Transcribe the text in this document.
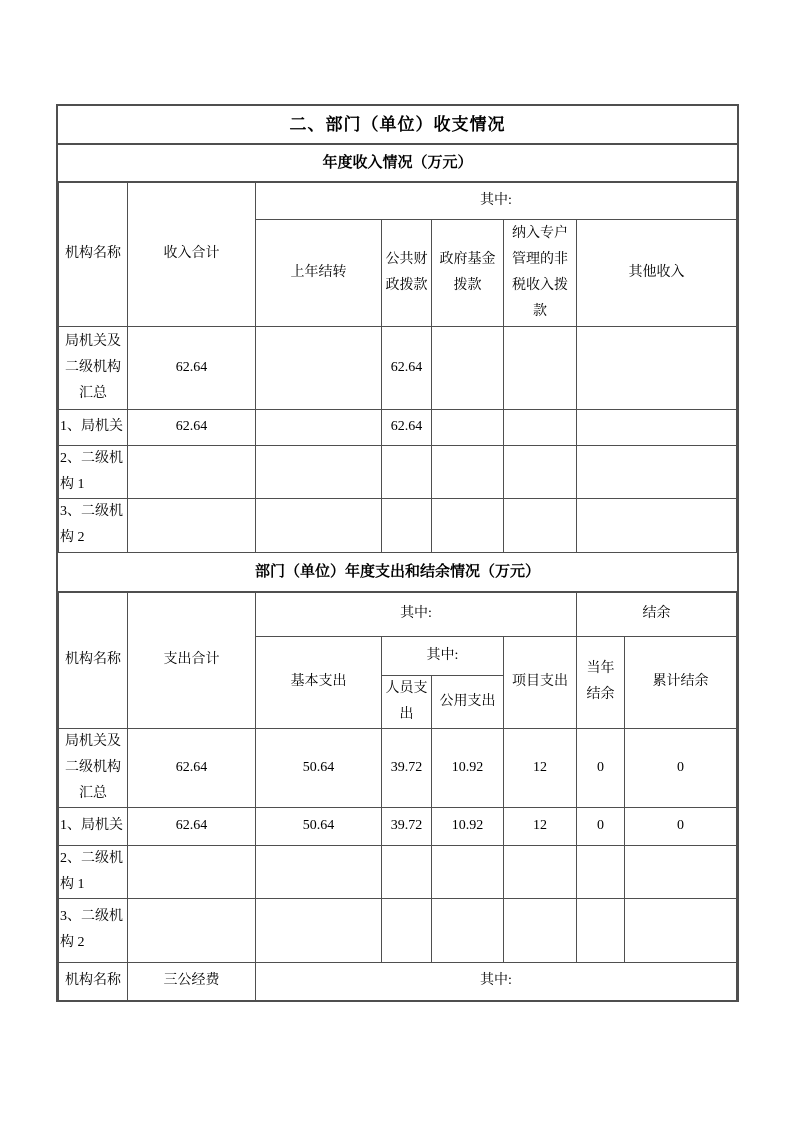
二、部门（单位）收支情况
年度收入情况（万元）
机构名称	收入合计	其中:				
		上年结转	公共财政拨款	政府基金拨款	纳入专户管理的非税收入拨款	其他收入
局机关及二级机构汇总	62.64		62.64			
1、局机关	62.64		62.64			
2、二级机构 1						
3、二级机构 2						
部门（单位）年度支出和结余情况（万元）
机构名称	支出合计	其中:				结余	
		基本支出	其中:		项目支出	当年结余	累计结余
			人员支出	公用支出			
局机关及二级机构汇总	62.64	50.64	39.72	10.92	12	0	0
1、局机关	62.64	50.64	39.72	10.92	12	0	0
2、二级机构 1							
3、二级机构 2							
机构名称	三公经费	其中:
